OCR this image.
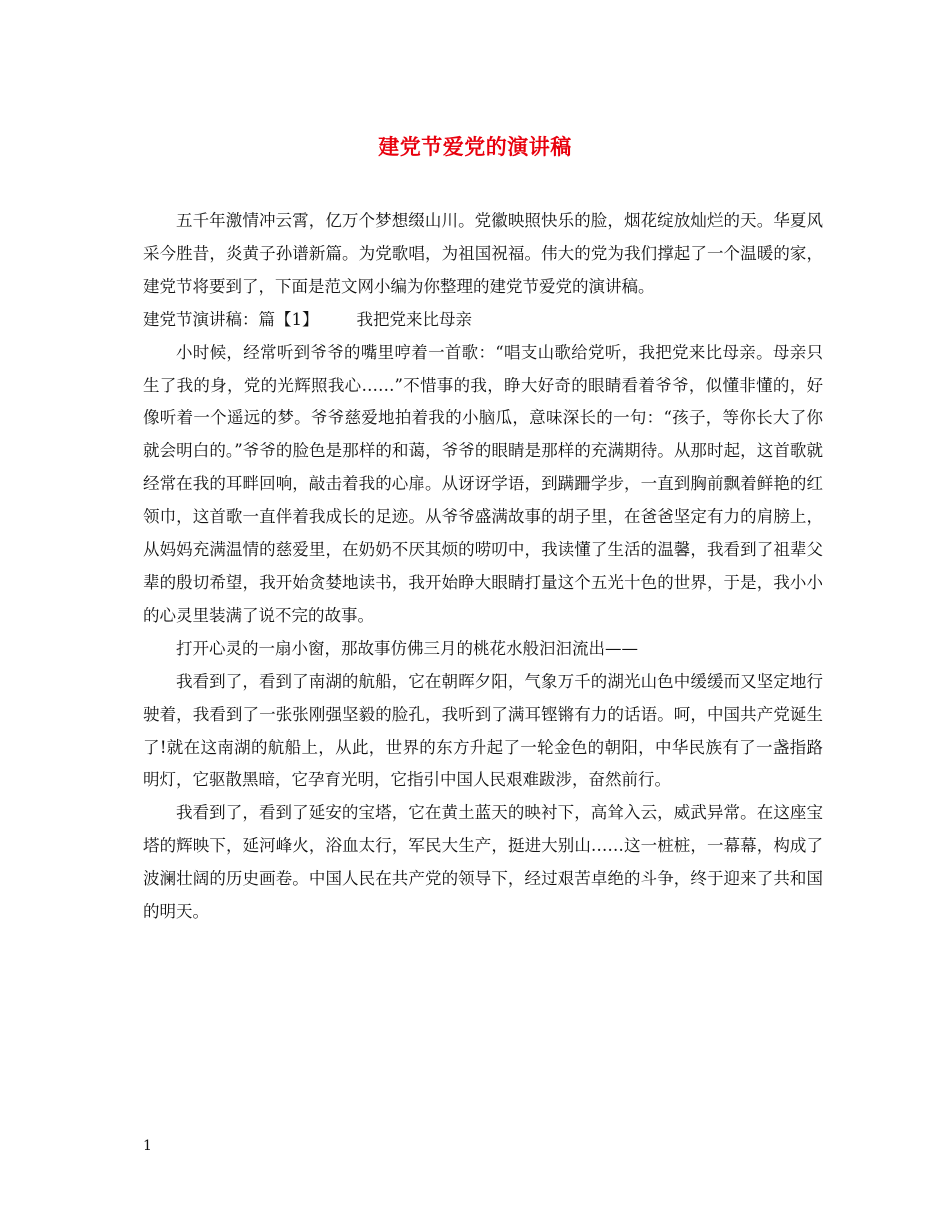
建党节爱党的演讲稿

五千年激情冲云霄，亿万个梦想缀山川。党徽映照快乐的脸，烟花绽放灿烂的天。华夏风采今胜昔，炎黄子孙谱新篇。为党歌唱，为祖国祝福。伟大的党为我们撑起了一个温暖的家，建党节将要到了，下面是范文网小编为你整理的建党节爱党的演讲稿。

建党节演讲稿：篇【1】 我把党来比母亲

小时候，经常听到爷爷的嘴里哼着一首歌：“唱支山歌给党听，我把党来比母亲。母亲只生了我的身，党的光辉照我心……”不惜事的我，睁大好奇的眼睛看着爷爷，似懂非懂的，好像听着一个遥远的梦。爷爷慈爱地拍着我的小脑瓜，意味深长的一句：“孩子，等你长大了你就会明白的。”爷爷的脸色是那样的和蔼，爷爷的眼睛是那样的充满期待。从那时起，这首歌就经常在我的耳畔回响，敲击着我的心扉。从讶讶学语，到蹒跚学步，一直到胸前飘着鲜艳的红领巾，这首歌一直伴着我成长的足迹。从爷爷盛满故事的胡子里，在爸爸坚定有力的肩膀上，从妈妈充满温情的慈爱里，在奶奶不厌其烦的唠叨中，我读懂了生活的温馨，我看到了祖辈父辈的殷切希望，我开始贪婪地读书，我开始睁大眼睛打量这个五光十色的世界，于是，我小小的心灵里装满了说不完的故事。

打开心灵的一扇小窗，那故事仿佛三月的桃花水般汩汩流出——

我看到了，看到了南湖的航船，它在朝晖夕阳，气象万千的湖光山色中缓缓而又坚定地行驶着，我看到了一张张刚强坚毅的脸孔，我听到了满耳铿锵有力的话语。呵，中国共产党诞生了!就在这南湖的航船上，从此，世界的东方升起了一轮金色的朝阳，中华民族有了一盏指路明灯，它驱散黑暗，它孕育光明，它指引中国人民艰难跋涉，奋然前行。

我看到了，看到了延安的宝塔，它在黄土蓝天的映衬下，高耸入云，威武异常。在这座宝塔的辉映下，延河峰火，浴血太行，军民大生产，挺进大别山……这一桩桩，一幕幕，构成了波澜壮阔的历史画卷。中国人民在共产党的领导下，经过艰苦卓绝的斗争，终于迎来了共和国的明天。

1
